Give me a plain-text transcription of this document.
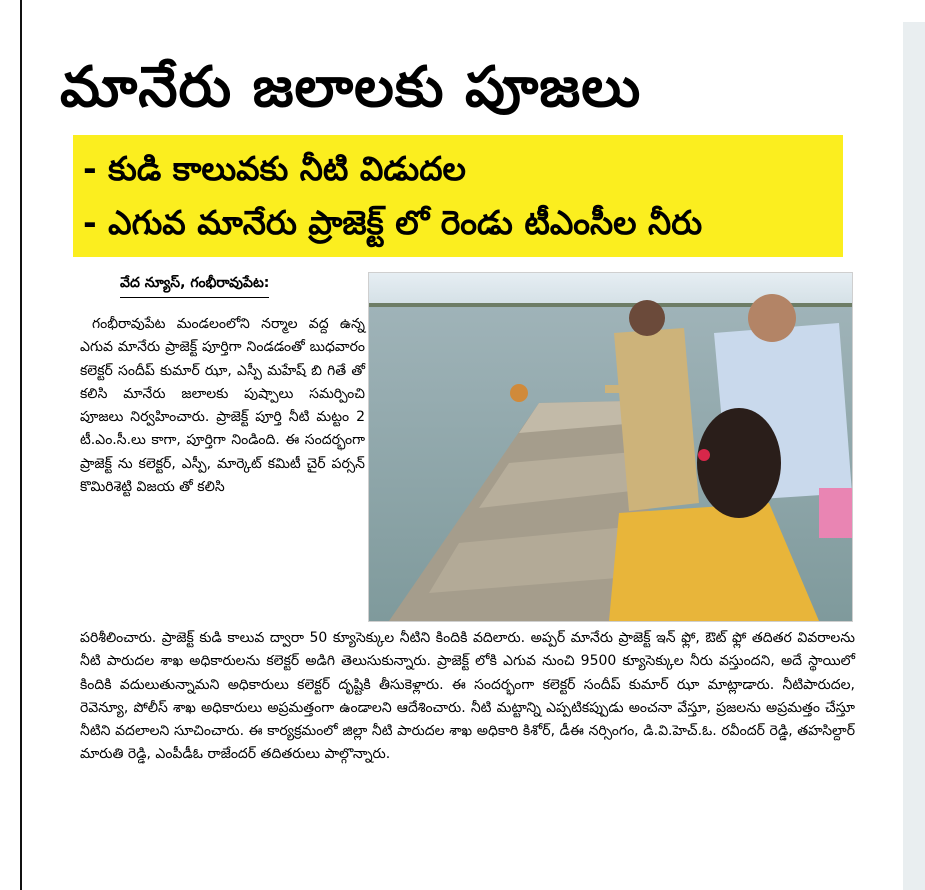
మానేరు జలాలకు పూజలు
- కుడి కాలువకు నీటి విడుదల
- ఎగువ మానేరు ప్రాజెక్ట్ లో రెండు టీఎంసీల నీరు
వేద న్యూస్, గంభీరావుపేట:
గంభీరావుపేట మండలంలోని నర్మాల వద్ద ఉన్న ఎగువ మానేరు ప్రాజెక్ట్ పూర్తిగా నిండడంతో బుధవారం కలెక్టర్ సందీప్ కుమార్ ఝా, ఎస్పీ మహేష్ బి గితే తో కలిసి మానేరు జలాలకు పుష్పాలు సమర్పించి పూజలు నిర్వహించారు. ప్రాజెక్ట్ పూర్తి నీటి మట్టం 2 టీ.ఎం.సీ.లు కాగా, పూర్తిగా నిండింది. ఈ సందర్భంగా ప్రాజెక్ట్ ను కలెక్టర్, ఎస్పీ, మార్కెట్ కమిటీ చైర్ పర్సన్ కొమిరిశెట్టి విజయ తో కలిసి
పరిశీలించారు. ప్రాజెక్ట్ కుడి కాలువ ద్వారా 50 క్యూసెక్కుల నీటిని కిందికి వదిలారు. అప్పర్ మానేరు ప్రాజెక్ట్ ఇన్ ఫ్లో, ఔట్ ఫ్లో తదితర వివరాలను నీటి పారుదల శాఖ అధికారులను కలెక్టర్ అడిగి తెలుసుకున్నారు. ప్రాజెక్ట్ లోకి ఎగువ నుంచి 9500 క్యూసెక్కుల నీరు వస్తుందని, అదే స్థాయిలో కిందికి వదులుతున్నామని అధికారులు కలెక్టర్ దృష్టికి తీసుకెళ్లారు. ఈ సందర్భంగా కలెక్టర్ సందీప్ కుమార్ ఝా మాట్లాడారు. నీటిపారుదల, రెవెన్యూ, పోలీస్ శాఖ అధికారులు అప్రమత్తంగా ఉండాలని ఆదేశించారు. నీటి మట్టాన్ని ఎప్పటికప్పుడు అంచనా వేస్తూ, ప్రజలను అప్రమత్తం చేస్తూ నీటిని వదలాలని సూచించారు. ఈ కార్యక్రమంలో జిల్లా నీటి పారుదల శాఖ అధికారి కిశోర్, డీఈ నర్సింగం, డి.వి.హెచ్.ఓ. రవీందర్ రెడ్డి, తహసిల్దార్ మారుతి రెడ్డి, ఎంపీడీఓ రాజేందర్ తదితరులు పాల్గొన్నారు.
